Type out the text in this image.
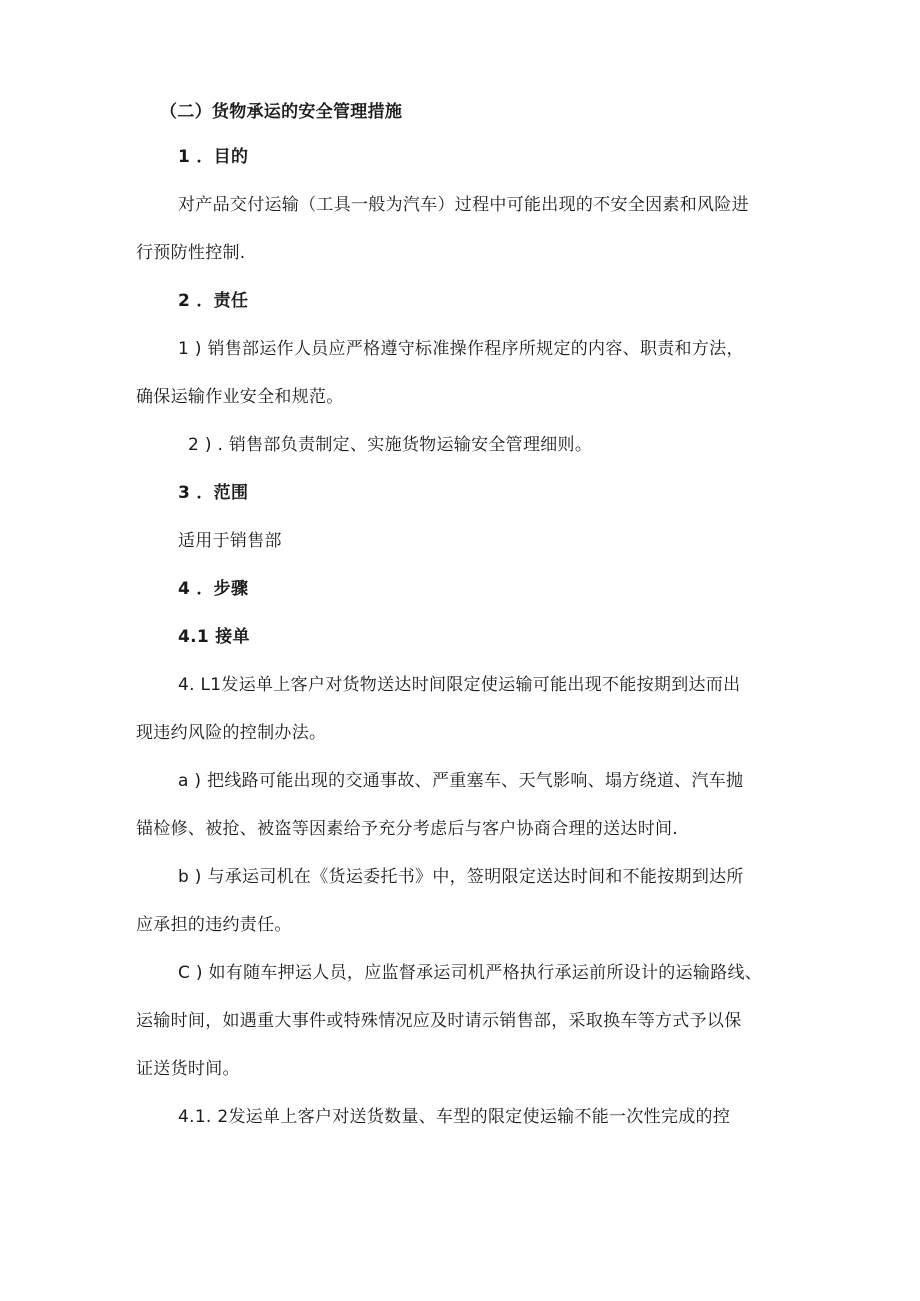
（二）货物承运的安全管理措施
1 ．目的
对产品交付运输（工具一般为汽车）过程中可能出现的不安全因素和风险进
行预防性控制.
2 ．责任
1 ) 销售部运作人员应严格遵守标准操作程序所规定的内容、职责和方法，
确保运输作业安全和规范。
2 ) . 销售部负责制定、实施货物运输安全管理细则。
3 ．范围
适用于销售部
4 ．步骤
4.1 接单
4. L1发运单上客户对货物送达时间限定使运输可能出现不能按期到达而出
现违约风险的控制办法。
a ) 把线路可能出现的交通事故、严重塞车、天气影响、塌方绕道、汽车抛
锚检修、被抢、被盗等因素给予充分考虑后与客户协商合理的送达时间.
b ) 与承运司机在《货运委托书》中，签明限定送达时间和不能按期到达所
应承担的违约责任。
C ) 如有随车押运人员，应监督承运司机严格执行承运前所设计的运输路线、
运输时间，如遇重大事件或特殊情况应及时请示销售部，采取换车等方式予以保
证送货时间。
4.1. 2发运单上客户对送货数量、车型的限定使运输不能一次性完成的控
